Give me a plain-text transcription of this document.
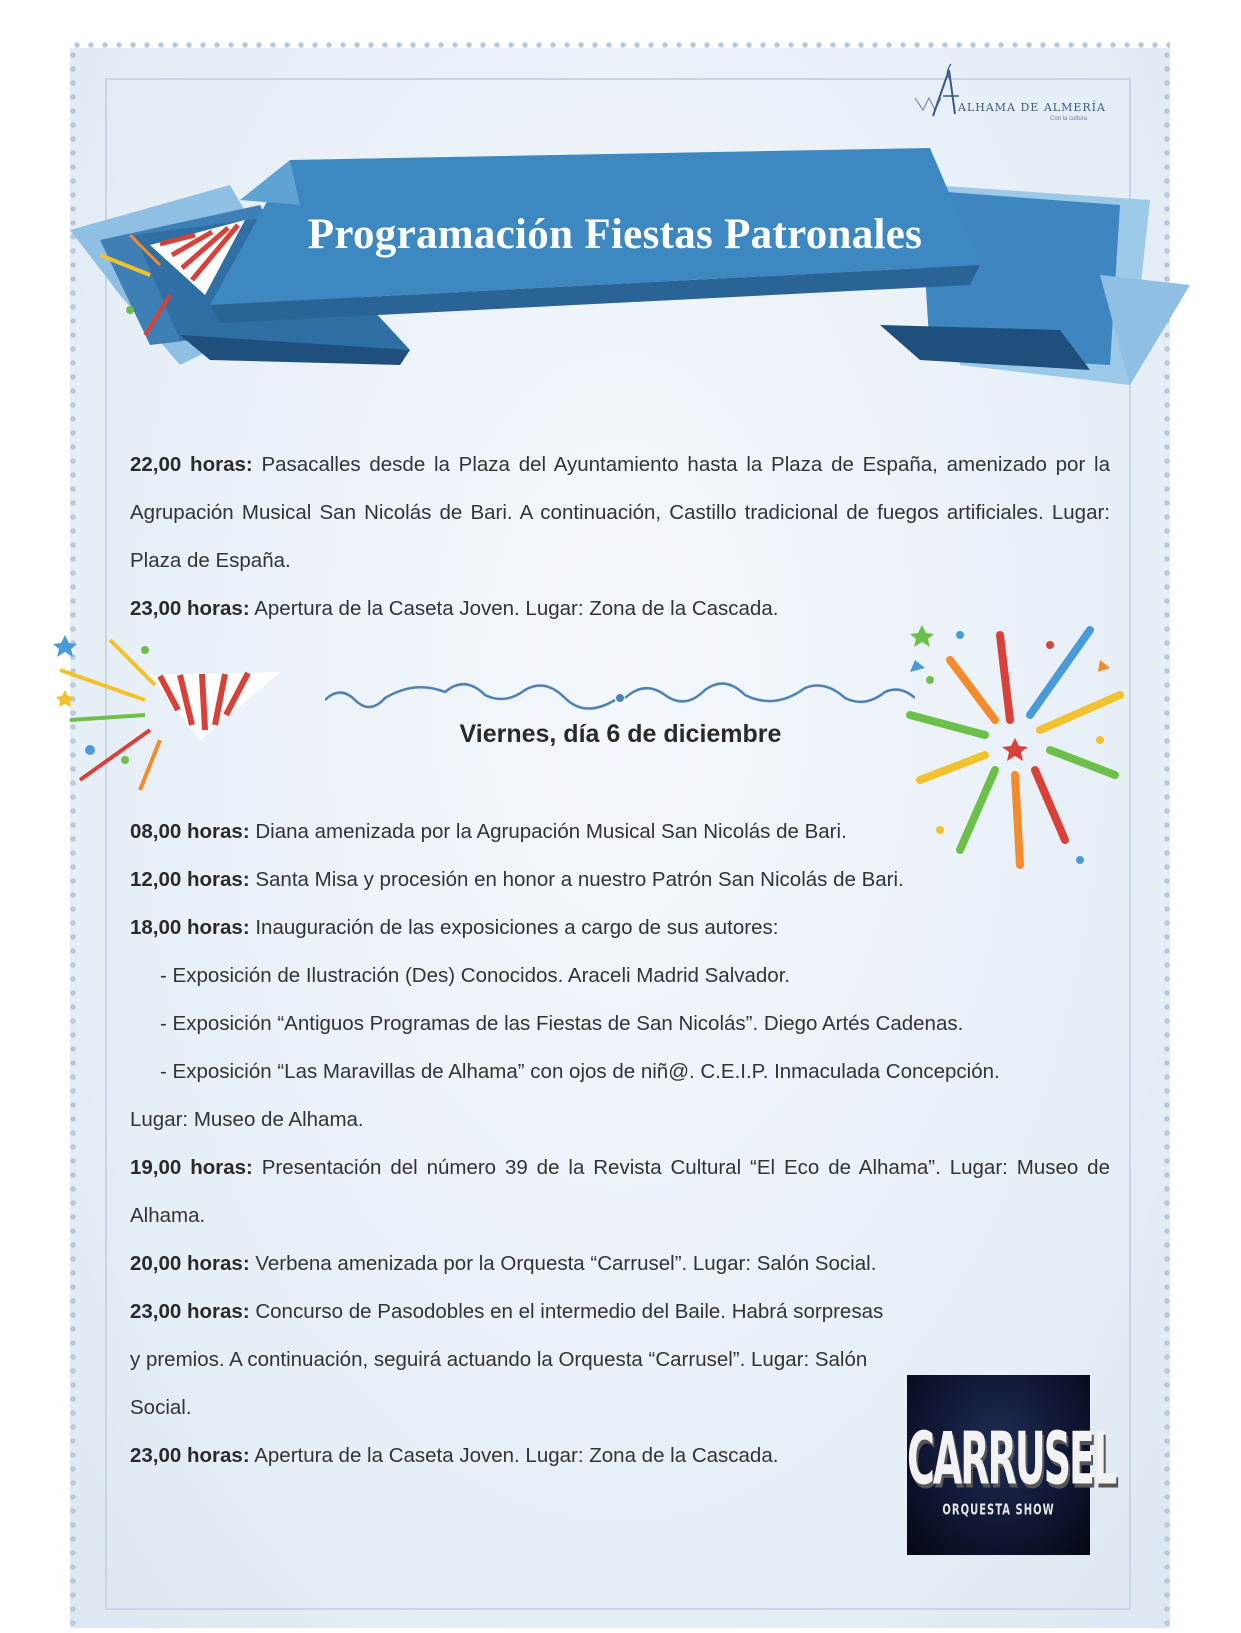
ALHAMA DE ALMERÍA
Con la cultura
Programación Fiestas Patronales

22,00 horas: Pasacalles desde la Plaza del Ayuntamiento hasta la Plaza de España, amenizado por la Agrupación Musical San Nicolás de Bari. A continuación, Castillo tradicional de fuegos artificiales. Lugar: Plaza de España.

23,00 horas: Apertura de la Caseta Joven. Lugar: Zona de la Cascada.

Viernes, día 6 de diciembre

08,00 horas: Diana amenizada por la Agrupación Musical San Nicolás de Bari.

12,00 horas: Santa Misa y procesión en honor a nuestro Patrón San Nicolás de Bari.

18,00 horas: Inauguración de las exposiciones a cargo de sus autores:

- Exposición de Ilustración (Des) Conocidos. Araceli Madrid Salvador.

- Exposición “Antiguos Programas de las Fiestas de San Nicolás”. Diego Artés Cadenas.

- Exposición “Las Maravillas de Alhama” con ojos de niñ@. C.E.I.P. Inmaculada Concepción.

Lugar: Museo de Alhama.

19,00 horas: Presentación del número 39 de la Revista Cultural “El Eco de Alhama”. Lugar: Museo de Alhama.

20,00 horas: Verbena amenizada por la Orquesta “Carrusel”. Lugar: Salón Social.

23,00 horas: Concurso de Pasodobles en el intermedio del Baile. Habrá sorpresas y premios. A continuación, seguirá actuando la Orquesta “Carrusel”. Lugar: Salón Social.

23,00 horas: Apertura de la Caseta Joven. Lugar: Zona de la Cascada.	CARRUSEL
ORQUESTA SHOW
